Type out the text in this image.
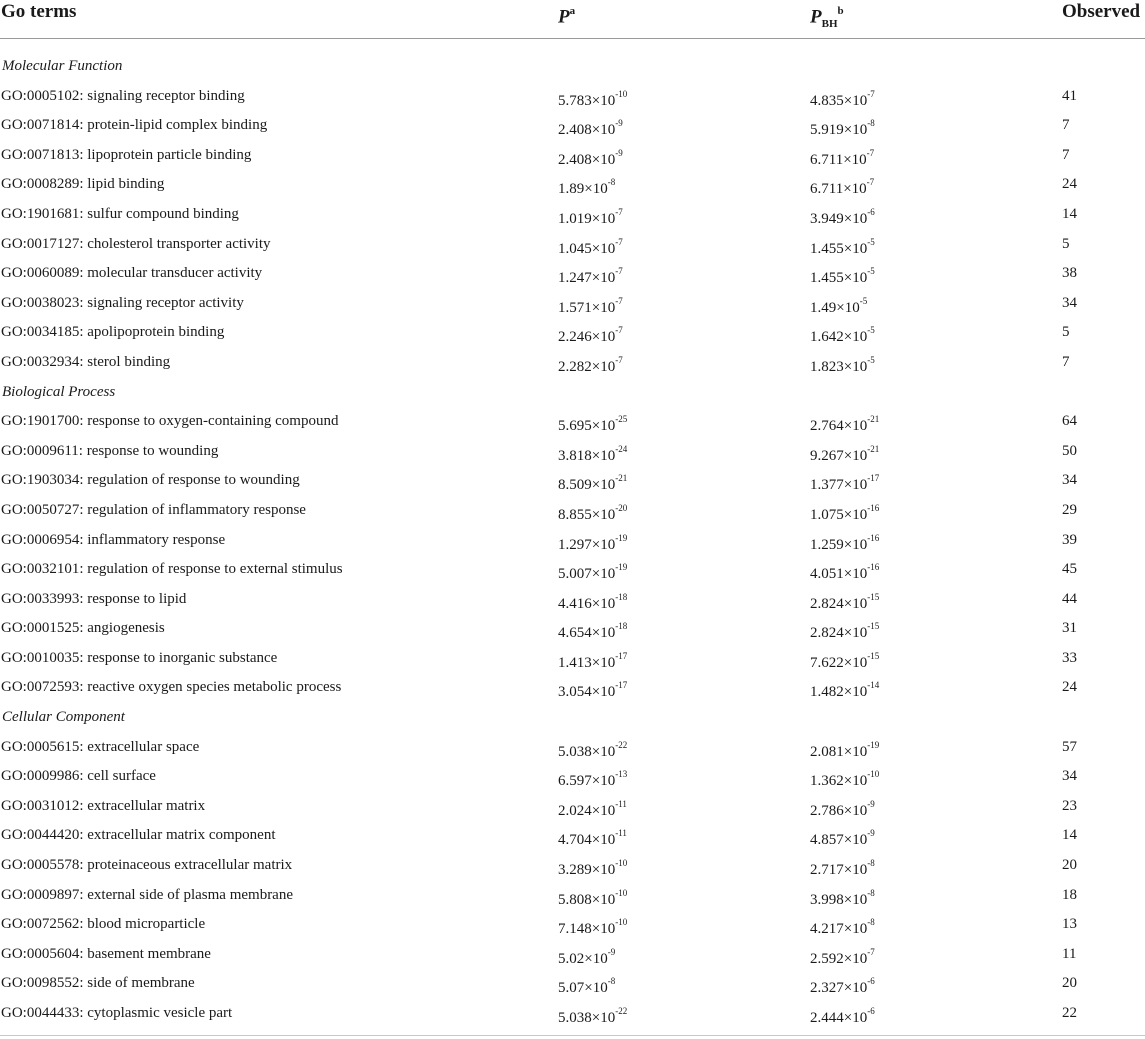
Go terms	$P^a$	$P_{BH}^b$	Observed
Molecular Function
GO:0005102: signaling receptor binding	$5.783\times 10^{-10}$	$4.835\times 10^{-7}$	41
GO:0071814: protein-lipid complex binding	$2.408\times 10^{-9}$	$5.919\times 10^{-8}$	7
GO:0071813: lipoprotein particle binding	$2.408\times 10^{-9}$	$6.711\times 10^{-7}$	7
GO:0008289: lipid binding	$1.89\times 10^{-8}$	$6.711\times 10^{-7}$	24
GO:1901681: sulfur compound binding	$1.019\times 10^{-7}$	$3.949\times 10^{-6}$	14
GO:0017127: cholesterol transporter activity	$1.045\times 10^{-7}$	$1.455\times 10^{-5}$	5
GO:0060089: molecular transducer activity	$1.247\times 10^{-7}$	$1.455\times 10^{-5}$	38
GO:0038023: signaling receptor activity	$1.571\times 10^{-7}$	$1.49\times 10^{-5}$	34
GO:0034185: apolipoprotein binding	$2.246\times 10^{-7}$	$1.642\times 10^{-5}$	5
GO:0032934: sterol binding	$2.282\times 10^{-7}$	$1.823\times 10^{-5}$	7
Biological Process
GO:1901700: response to oxygen-containing compound	$5.695\times 10^{-25}$	$2.764\times 10^{-21}$	64
GO:0009611: response to wounding	$3.818\times 10^{-24}$	$9.267\times 10^{-21}$	50
GO:1903034: regulation of response to wounding	$8.509\times 10^{-21}$	$1.377\times 10^{-17}$	34
GO:0050727: regulation of inflammatory response	$8.855\times 10^{-20}$	$1.075\times 10^{-16}$	29
GO:0006954: inflammatory response	$1.297\times 10^{-19}$	$1.259\times 10^{-16}$	39
GO:0032101: regulation of response to external stimulus	$5.007\times 10^{-19}$	$4.051\times 10^{-16}$	45
GO:0033993: response to lipid	$4.416\times 10^{-18}$	$2.824\times 10^{-15}$	44
GO:0001525: angiogenesis	$4.654\times 10^{-18}$	$2.824\times 10^{-15}$	31
GO:0010035: response to inorganic substance	$1.413\times 10^{-17}$	$7.622\times 10^{-15}$	33
GO:0072593: reactive oxygen species metabolic process	$3.054\times 10^{-17}$	$1.482\times 10^{-14}$	24
Cellular Component
GO:0005615: extracellular space	$5.038\times 10^{-22}$	$2.081\times 10^{-19}$	57
GO:0009986: cell surface	$6.597\times 10^{-13}$	$1.362\times 10^{-10}$	34
GO:0031012: extracellular matrix	$2.024\times 10^{-11}$	$2.786\times 10^{-9}$	23
GO:0044420: extracellular matrix component	$4.704\times 10^{-11}$	$4.857\times 10^{-9}$	14
GO:0005578: proteinaceous extracellular matrix	$3.289\times 10^{-10}$	$2.717\times 10^{-8}$	20
GO:0009897: external side of plasma membrane	$5.808\times 10^{-10}$	$3.998\times 10^{-8}$	18
GO:0072562: blood microparticle	$7.148\times 10^{-10}$	$4.217\times 10^{-8}$	13
GO:0005604: basement membrane	$5.02\times 10^{-9}$	$2.592\times 10^{-7}$	11
GO:0098552: side of membrane	$5.07\times 10^{-8}$	$2.327\times 10^{-6}$	20
GO:0044433: cytoplasmic vesicle part	$5.038\times 10^{-22}$	$2.444\times 10^{-6}$	22
